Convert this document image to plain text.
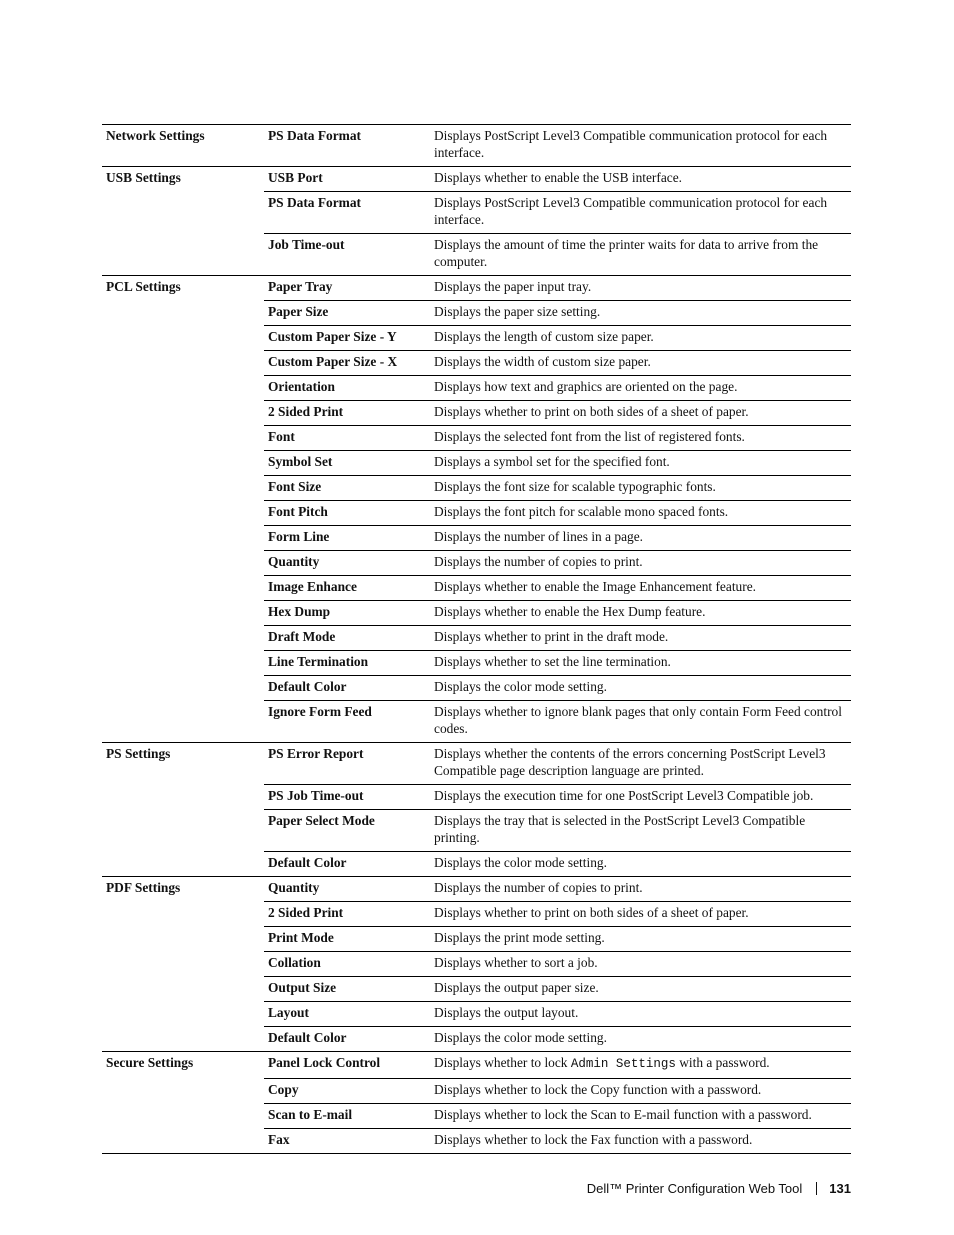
Network Settings	PS Data Format	Displays PostScript Level3 Compatible communication protocol for each interface.
USB Settings	USB Port	Displays whether to enable the USB interface.
	PS Data Format	Displays PostScript Level3 Compatible communication protocol for each interface.
	Job Time-out	Displays the amount of time the printer waits for data to arrive from the computer.
PCL Settings	Paper Tray	Displays the paper input tray.
	Paper Size	Displays the paper size setting.
	Custom Paper Size - Y	Displays the length of custom size paper.
	Custom Paper Size - X	Displays the width of custom size paper.
	Orientation	Displays how text and graphics are oriented on the page.
	2 Sided Print	Displays whether to print on both sides of a sheet of paper.
	Font	Displays the selected font from the list of registered fonts.
	Symbol Set	Displays a symbol set for the specified font.
	Font Size	Displays the font size for scalable typographic fonts.
	Font Pitch	Displays the font pitch for scalable mono spaced fonts.
	Form Line	Displays the number of lines in a page.
	Quantity	Displays the number of copies to print.
	Image Enhance	Displays whether to enable the Image Enhancement feature.
	Hex Dump	Displays whether to enable the Hex Dump feature.
	Draft Mode	Displays whether to print in the draft mode.
	Line Termination	Displays whether to set the line termination.
	Default Color	Displays the color mode setting.
	Ignore Form Feed	Displays whether to ignore blank pages that only contain Form Feed control codes.
PS Settings	PS Error Report	Displays whether the contents of the errors concerning PostScript Level3 Compatible page description language are printed.
	PS Job Time-out	Displays the execution time for one PostScript Level3 Compatible job.
	Paper Select Mode	Displays the tray that is selected in the PostScript Level3 Compatible printing.
	Default Color	Displays the color mode setting.
PDF Settings	Quantity	Displays the number of copies to print.
	2 Sided Print	Displays whether to print on both sides of a sheet of paper.
	Print Mode	Displays the print mode setting.
	Collation	Displays whether to sort a job.
	Output Size	Displays the output paper size.
	Layout	Displays the output layout.
	Default Color	Displays the color mode setting.
Secure Settings	Panel Lock Control	Displays whether to lock Admin Settings with a password.
	Copy	Displays whether to lock the Copy function with a password.
	Scan to E-mail	Displays whether to lock the Scan to E-mail function with a password.
	Fax	Displays whether to lock the Fax function with a password.
Dell™ Printer Configuration Web Tool 131
